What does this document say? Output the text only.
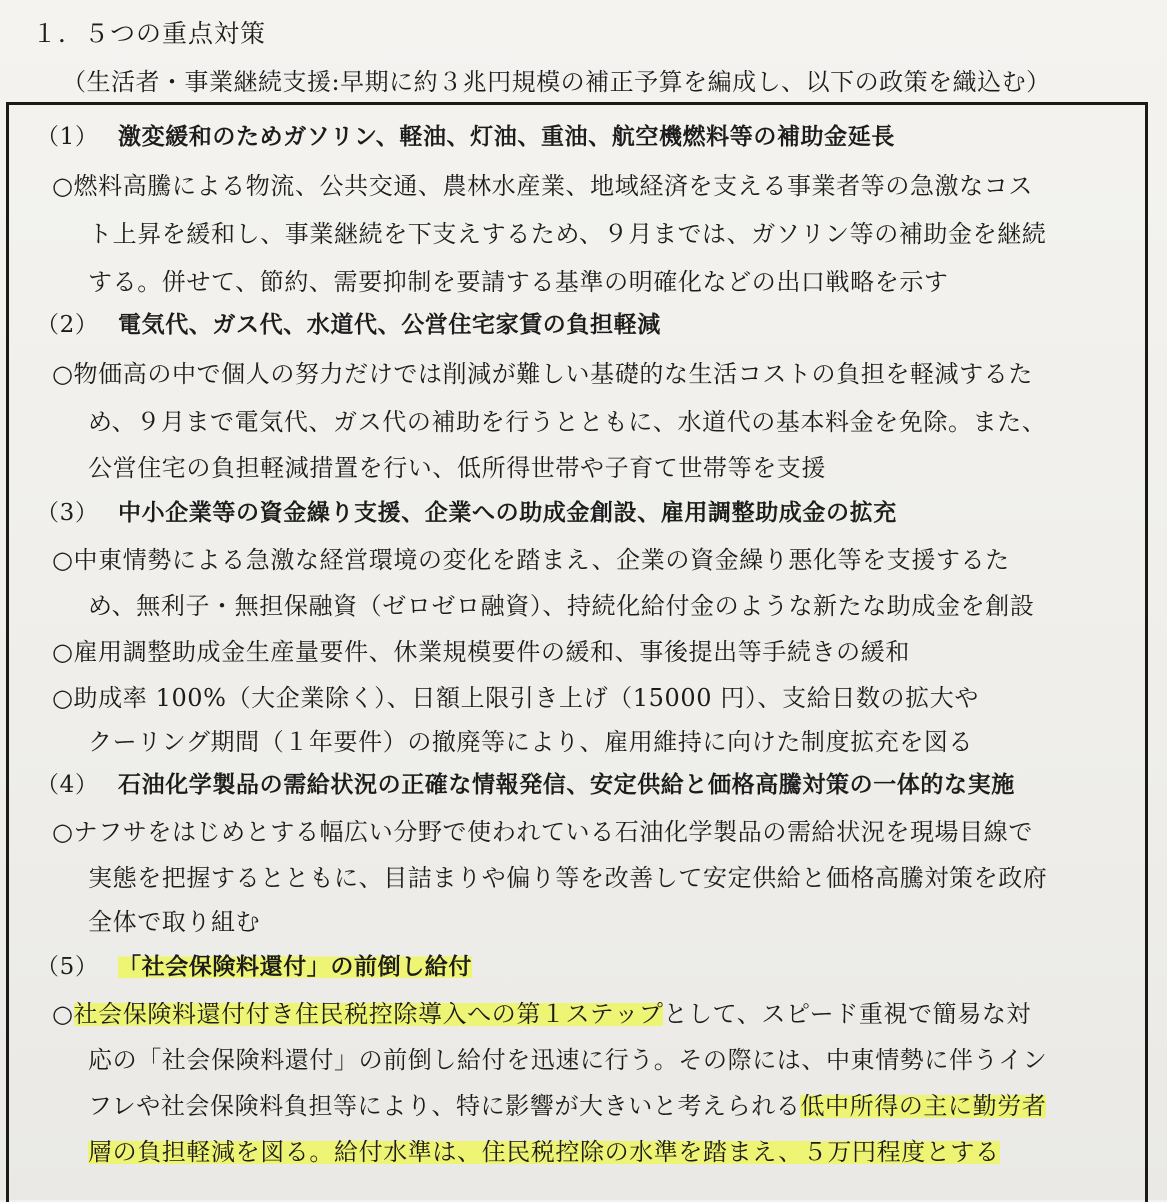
１．５つの重点対策
（生活者・事業継続支援:早期に約３兆円規模の補正予算を編成し、以下の政策を織込む）
（1） 激変緩和のためガソリン、軽油、灯油、重油、航空機燃料等の補助金延長
○燃料高騰による物流、公共交通、農林水産業、地域経済を支える事業者等の急激なコス
ト上昇を緩和し、事業継続を下支えするため、９月までは、ガソリン等の補助金を継続
する。併せて、節約、需要抑制を要請する基準の明確化などの出口戦略を示す
（2） 電気代、ガス代、水道代、公営住宅家賃の負担軽減
○物価高の中で個人の努力だけでは削減が難しい基礎的な生活コストの負担を軽減するた
め、９月まで電気代、ガス代の補助を行うとともに、水道代の基本料金を免除。また、
公営住宅の負担軽減措置を行い、低所得世帯や子育て世帯等を支援
（3） 中小企業等の資金繰り支援、企業への助成金創設、雇用調整助成金の拡充
○中東情勢による急激な経営環境の変化を踏まえ、企業の資金繰り悪化等を支援するた
め、無利子・無担保融資（ゼロゼロ融資）、持続化給付金のような新たな助成金を創設
○雇用調整助成金生産量要件、休業規模要件の緩和、事後提出等手続きの緩和
○助成率 100%（大企業除く）、日額上限引き上げ（15000 円）、支給日数の拡大や
クーリング期間（１年要件）の撤廃等により、雇用維持に向けた制度拡充を図る
（4） 石油化学製品の需給状況の正確な情報発信、安定供給と価格高騰対策の一体的な実施
○ナフサをはじめとする幅広い分野で使われている石油化学製品の需給状況を現場目線で
実態を把握するとともに、目詰まりや偏り等を改善して安定供給と価格高騰対策を政府
全体で取り組む
（5） 「社会保険料還付」の前倒し給付
○社会保険料還付付き住民税控除導入への第１ステップとして、スピード重視で簡易な対
応の「社会保険料還付」の前倒し給付を迅速に行う。その際には、中東情勢に伴うイン
フレや社会保険料負担等により、特に影響が大きいと考えられる低中所得の主に勤労者
層の負担軽減を図る。給付水準は、住民税控除の水準を踏まえ、５万円程度とする
